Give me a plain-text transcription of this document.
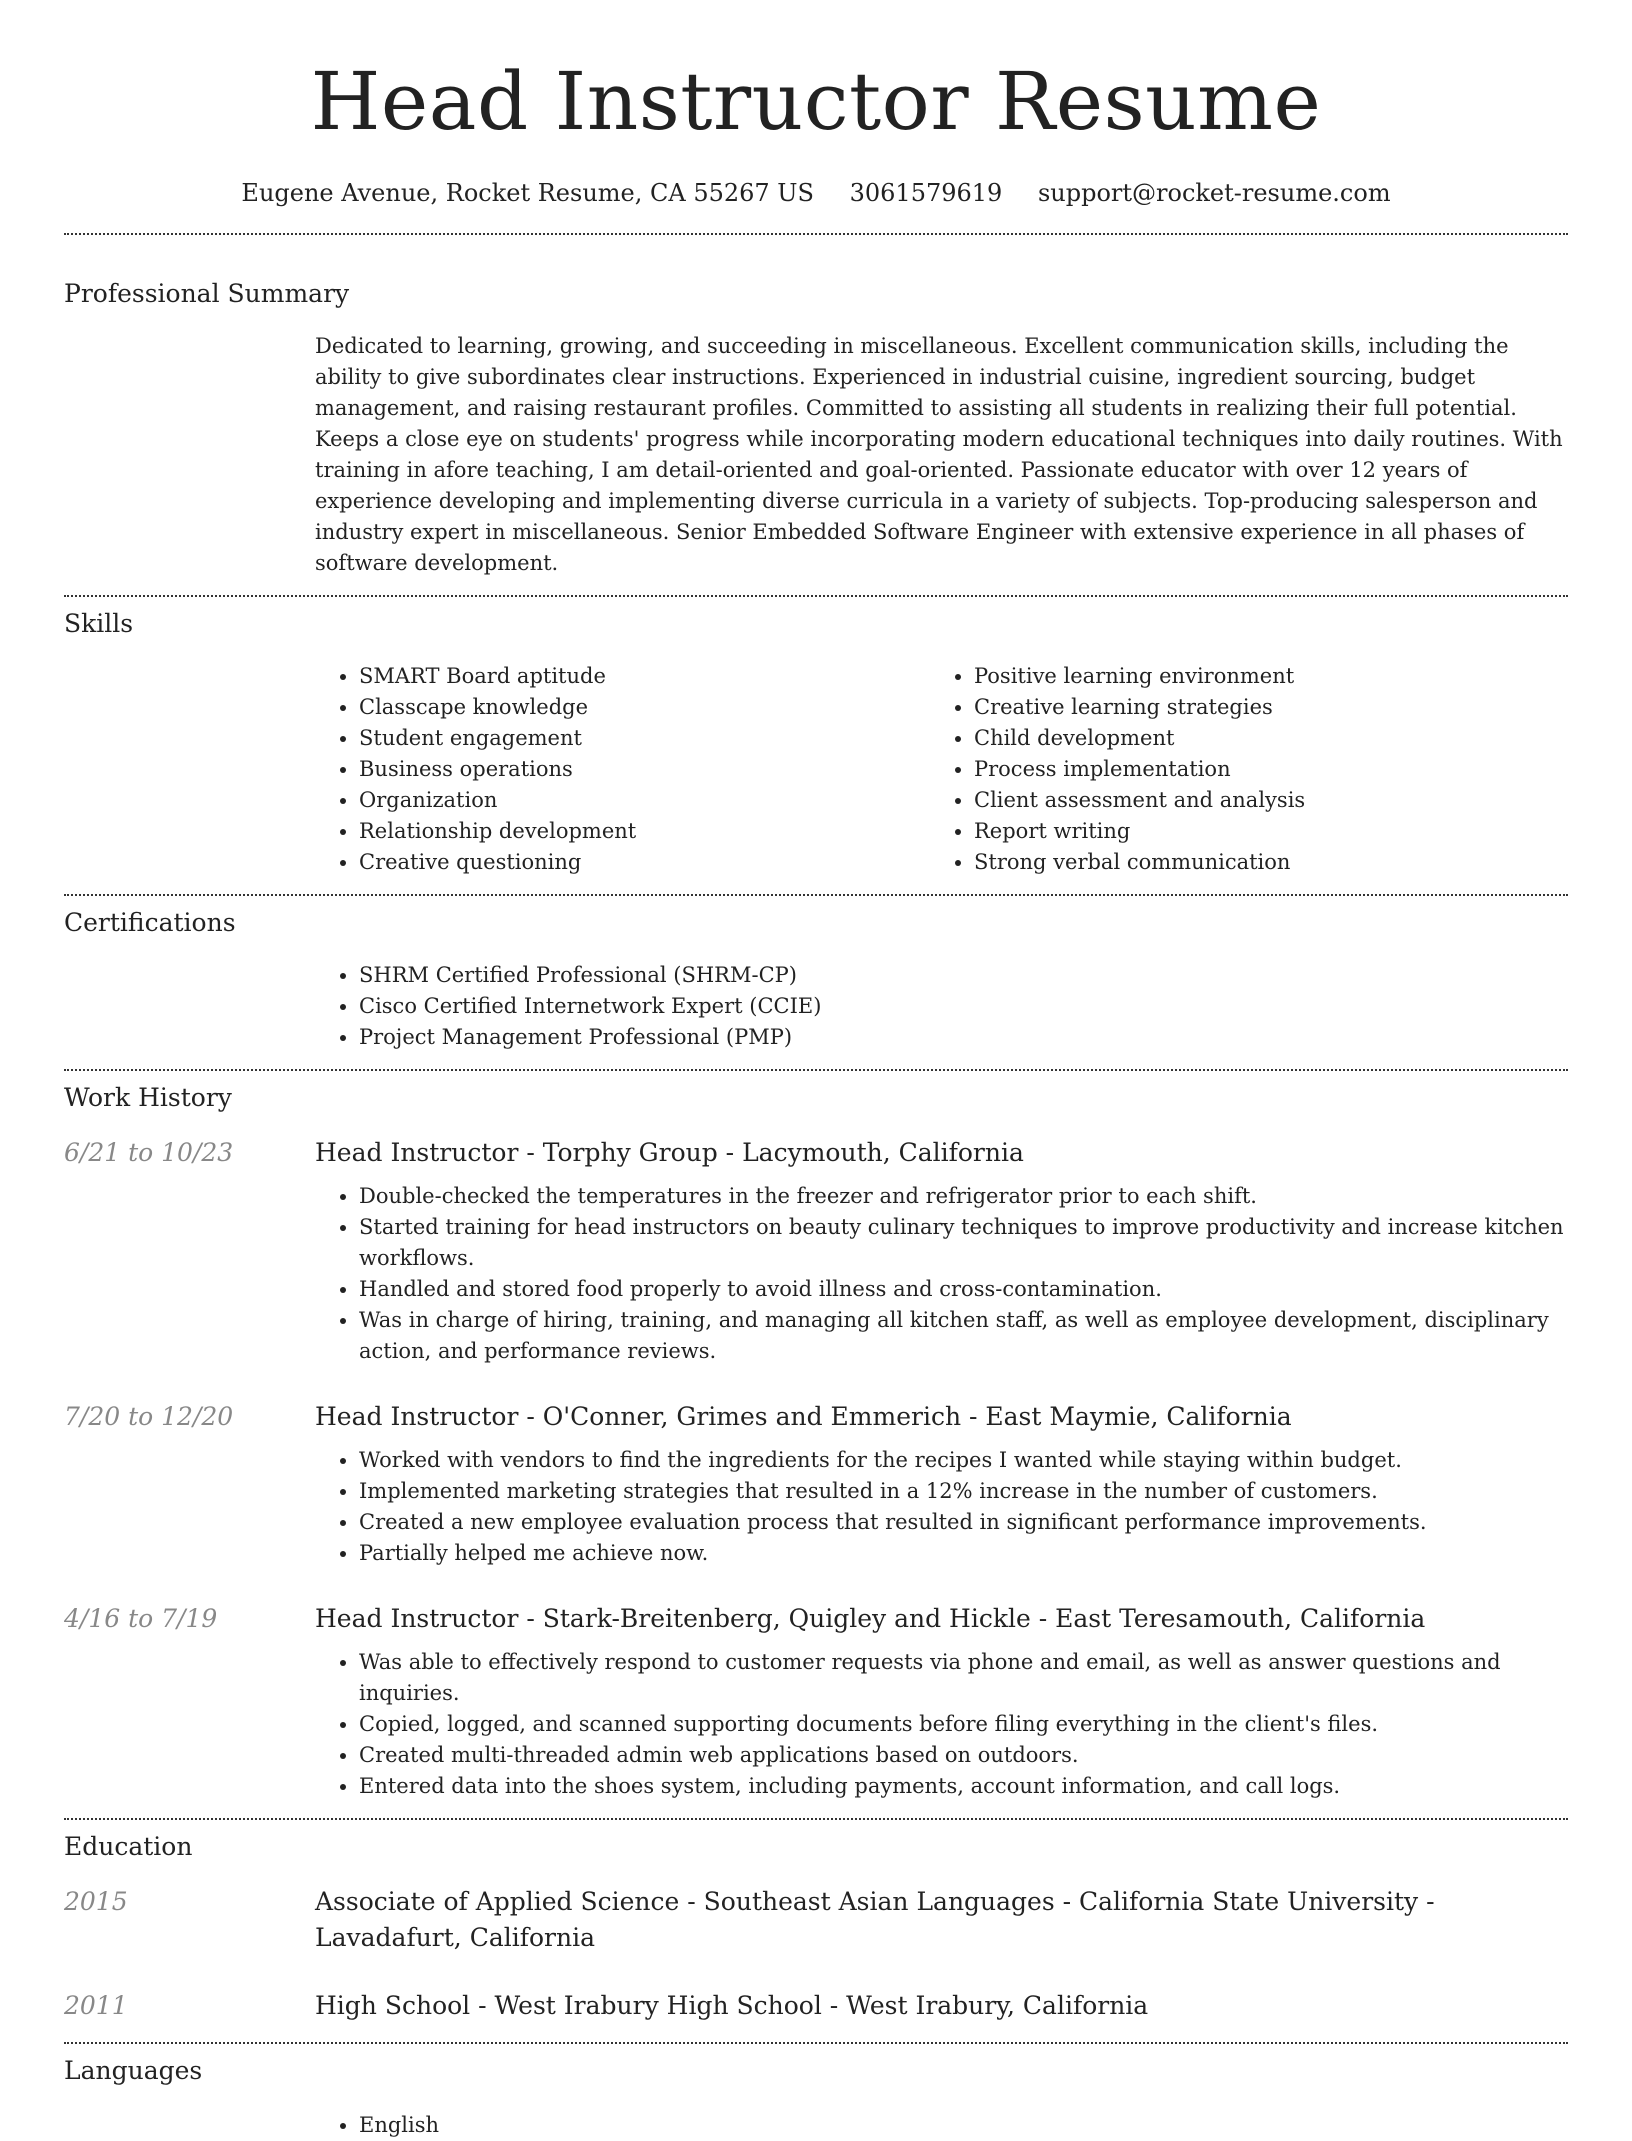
Head Instructor Resume
Eugene Avenue, Rocket Resume, CA 55267 US 3061579619 support@rocket-resume.com
Professional Summary

Dedicated to learning, growing, and succeeding in miscellaneous. Excellent communication skills, including the ability to give subordinates clear instructions. Experienced in industrial cuisine, ingredient sourcing, budget management, and raising restaurant profiles. Committed to assisting all students in realizing their full potential. Keeps a close eye on students' progress while incorporating modern educational techniques into daily routines. With training in afore teaching, I am detail-oriented and goal-oriented. Passionate educator with over 12 years of experience developing and implementing diverse curricula in a variety of subjects. Top-producing salesperson and industry expert in miscellaneous. Senior Embedded Software Engineer with extensive experience in all phases of software development.

Skills
• SMART Board aptitude
• Classcape knowledge
• Student engagement
• Business operations
• Organization
• Relationship development
• Creative questioning
• Positive learning environment
• Creative learning strategies
• Child development
• Process implementation
• Client assessment and analysis
• Report writing
• Strong verbal communication
Certifications
• SHRM Certified Professional (SHRM-CP)
• Cisco Certified Internetwork Expert (CCIE)
• Project Management Professional (PMP)
Work History
6/21 to 10/23	Head Instructor - Torphy Group - Lacymouth, California
• Double-checked the temperatures in the freezer and refrigerator prior to each shift.
• Started training for head instructors on beauty culinary techniques to improve productivity and increase kitchen workflows.
• Handled and stored food properly to avoid illness and cross-contamination.
• Was in charge of hiring, training, and managing all kitchen staff, as well as employee development, disciplinary action, and performance reviews.
7/20 to 12/20	Head Instructor - O'Conner, Grimes and Emmerich - East Maymie, California
• Worked with vendors to find the ingredients for the recipes I wanted while staying within budget.
• Implemented marketing strategies that resulted in a 12% increase in the number of customers.
• Created a new employee evaluation process that resulted in significant performance improvements.
• Partially helped me achieve now.
4/16 to 7/19	Head Instructor - Stark-Breitenberg, Quigley and Hickle - East Teresamouth, California
• Was able to effectively respond to customer requests via phone and email, as well as answer questions and inquiries.
• Copied, logged, and scanned supporting documents before filing everything in the client's files.
• Created multi-threaded admin web applications based on outdoors.
• Entered data into the shoes system, including payments, account information, and call logs.
Education
2015	Associate of Applied Science - Southeast Asian Languages - California State University - Lavadafurt, California
2011	High School - West Irabury High School - West Irabury, California
Languages
• English
